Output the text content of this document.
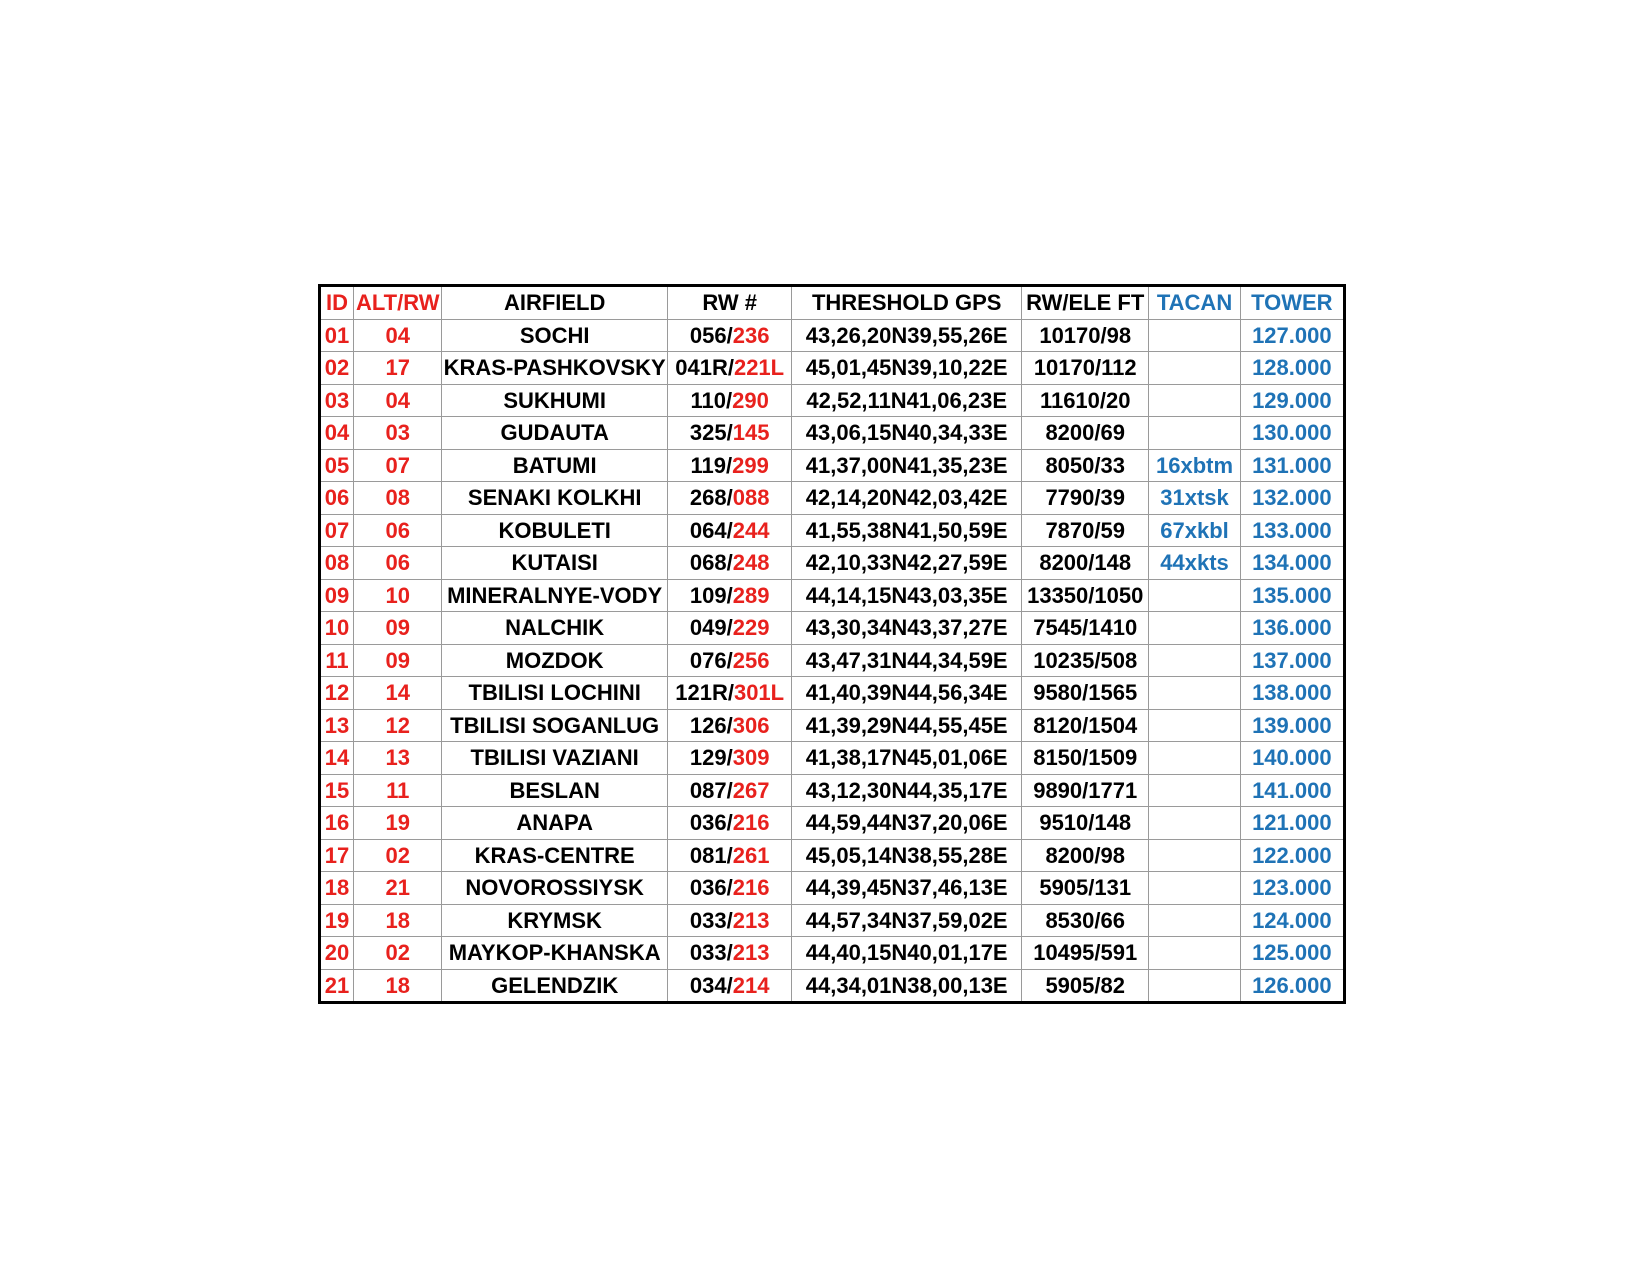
ID	ALT/RW	AIRFIELD	RW #	THRESHOLD GPS	RW/ELE FT	TACAN	TOWER
01	04	SOCHI	056/236	43,26,20N39,55,26E	10170/98		127.000
02	17	KRAS-PASHKOVSKY	041R/221L	45,01,45N39,10,22E	10170/112		128.000
03	04	SUKHUMI	110/290	42,52,11N41,06,23E	11610/20		129.000
04	03	GUDAUTA	325/145	43,06,15N40,34,33E	8200/69		130.000
05	07	BATUMI	119/299	41,37,00N41,35,23E	8050/33	16xbtm	131.000
06	08	SENAKI KOLKHI	268/088	42,14,20N42,03,42E	7790/39	31xtsk	132.000
07	06	KOBULETI	064/244	41,55,38N41,50,59E	7870/59	67xkbl	133.000
08	06	KUTAISI	068/248	42,10,33N42,27,59E	8200/148	44xkts	134.000
09	10	MINERALNYE-VODY	109/289	44,14,15N43,03,35E	13350/1050		135.000
10	09	NALCHIK	049/229	43,30,34N43,37,27E	7545/1410		136.000
11	09	MOZDOK	076/256	43,47,31N44,34,59E	10235/508		137.000
12	14	TBILISI LOCHINI	121R/301L	41,40,39N44,56,34E	9580/1565		138.000
13	12	TBILISI SOGANLUG	126/306	41,39,29N44,55,45E	8120/1504		139.000
14	13	TBILISI VAZIANI	129/309	41,38,17N45,01,06E	8150/1509		140.000
15	11	BESLAN	087/267	43,12,30N44,35,17E	9890/1771		141.000
16	19	ANAPA	036/216	44,59,44N37,20,06E	9510/148		121.000
17	02	KRAS-CENTRE	081/261	45,05,14N38,55,28E	8200/98		122.000
18	21	NOVOROSSIYSK	036/216	44,39,45N37,46,13E	5905/131		123.000
19	18	KRYMSK	033/213	44,57,34N37,59,02E	8530/66		124.000
20	02	MAYKOP-KHANSKA	033/213	44,40,15N40,01,17E	10495/591		125.000
21	18	GELENDZIK	034/214	44,34,01N38,00,13E	5905/82		126.000
